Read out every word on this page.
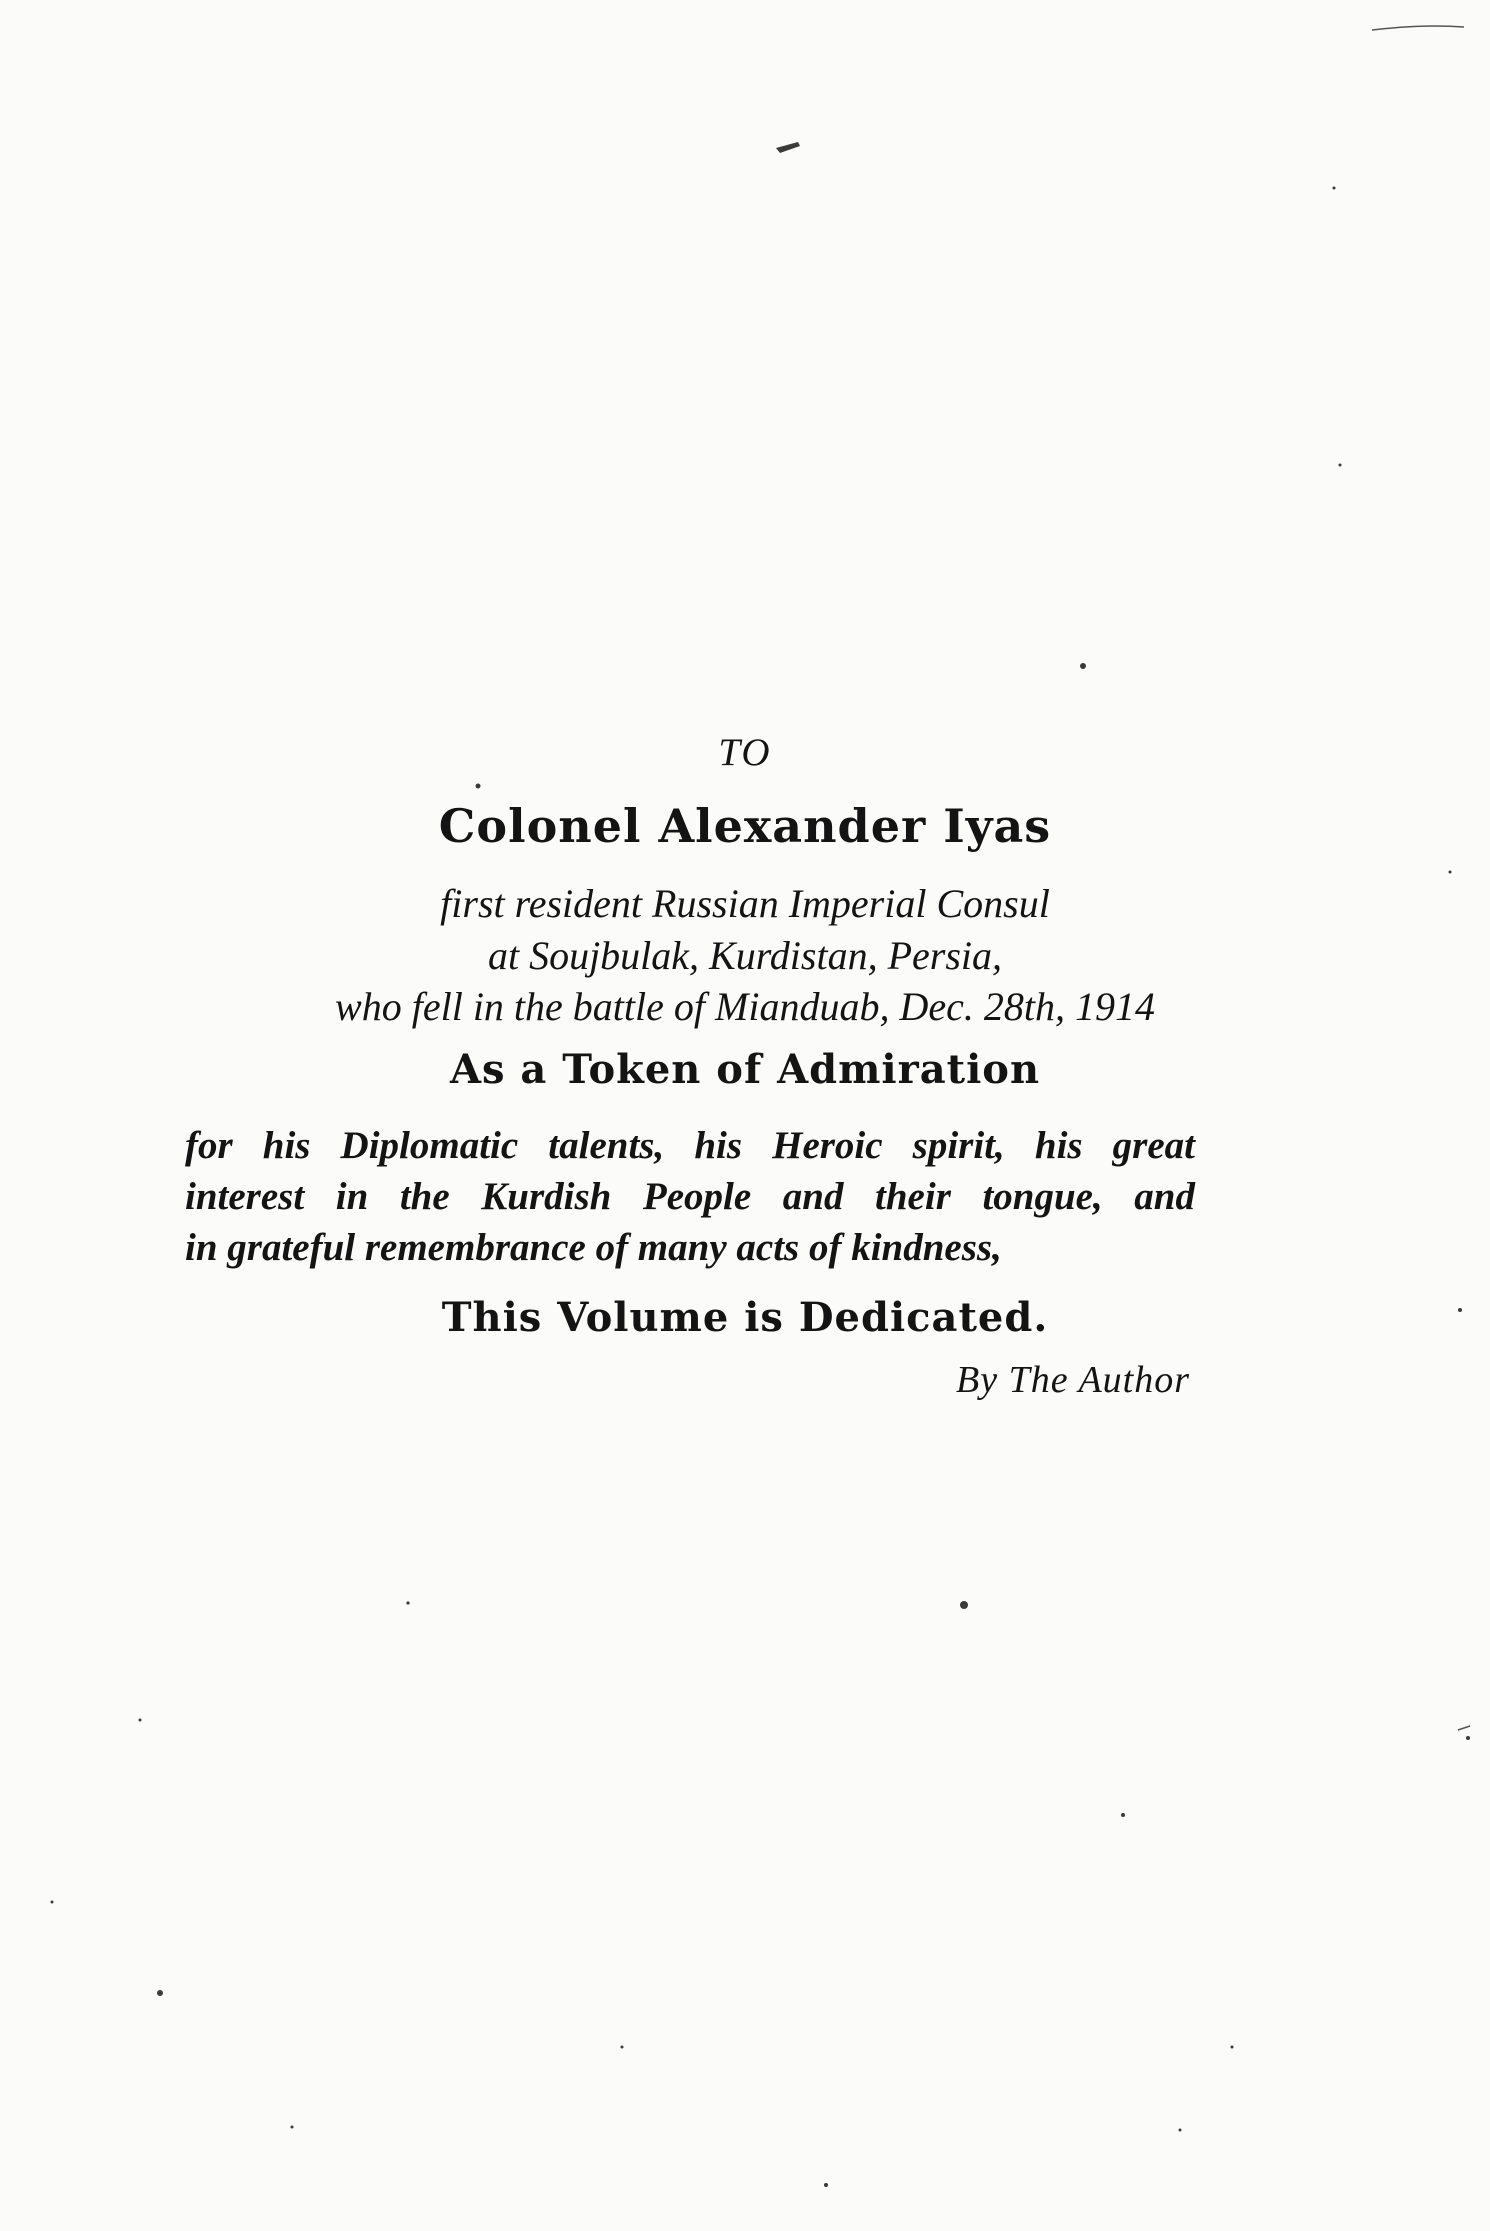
TO
Colonel Alexander Iyas
first resident Russian Imperial Consul
at Soujbulak, Kurdistan, Persia,
who fell in the battle of Mianduab, Dec. 28th, 1914
As a Token of Admiration
for his Diplomatic talents, his Heroic spirit, his great
interest in the Kurdish People and their tongue, and
in grateful remembrance of many acts of kindness,
This Volume is Dedicated.
By The Author
